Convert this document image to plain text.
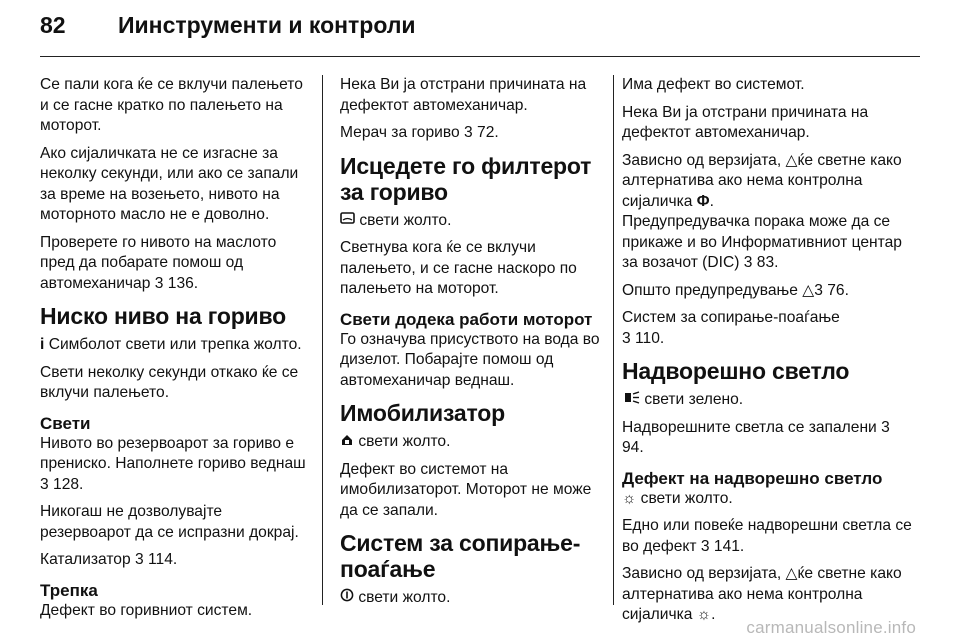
82 Иинструменти и контроли

Се пали кога ќе се вклучи палењето и се гасне кратко по палењето на моторот.

Ако сијаличката не се изгасне за неколку секунди, или ако се запали за време на возењето, нивото на моторното масло не е доволно.

Проверете го нивото на маслото пред да побарате помош од автомеханичар 3 136.

Ниско ниво на гориво

i Симболот свети или трепка жолто.

Свети неколку секунди откако ќе се вклучи палењето.

Свети

Нивото во резервоарот за гориво е прениско. Наполнете гориво веднаш 3 128.

Никогаш не дозволувајте резервоарот да се испразни докрај.

Катализатор 3 114.

Трепка

Дефект во горивниот систем.

Нека Ви ја отстрани причината на дефектот автомеханичар.

Мерач за гориво 3 72.

Исцедете го филтерот за гориво

свети жолто.

Светнува кога ќе се вклучи палењето, и се гасне наскоро по палењето на моторот.

Свети додека работи моторот

Го означува присуството на вода во дизелот. Побарајте помош од автомеханичар веднаш.

Имобилизатор

свети жолто.

Дефект во системот на имобилизаторот. Моторот не може да се запали.

Систем за сопирање-поаѓање

свети жолто.

Има дефект во системот.

Нека Ви ја отстрани причината на дефектот автомеханичар.

Зависно од верзијата, △ќе светне како алтернатива ако нема контролна сијаличка Φ.

Предупредувачка порака може да се прикаже и во Информативниот центар за возачот (DIC) 3 83.

Општо предупредување △3 76.

Систем за сопирање-поаѓање
3 110.

Надворешно светло

свети зелено.

Надворешните светла се запалени 3 94.

Дефект на надворешно светло

☼ свети жолто.

Едно или повеќе надворешни светла се во дефект 3 141.

Зависно од верзијата, △ќе светне како алтернатива ако нема контролна сијаличка ☼.

carmanualsonline.info
